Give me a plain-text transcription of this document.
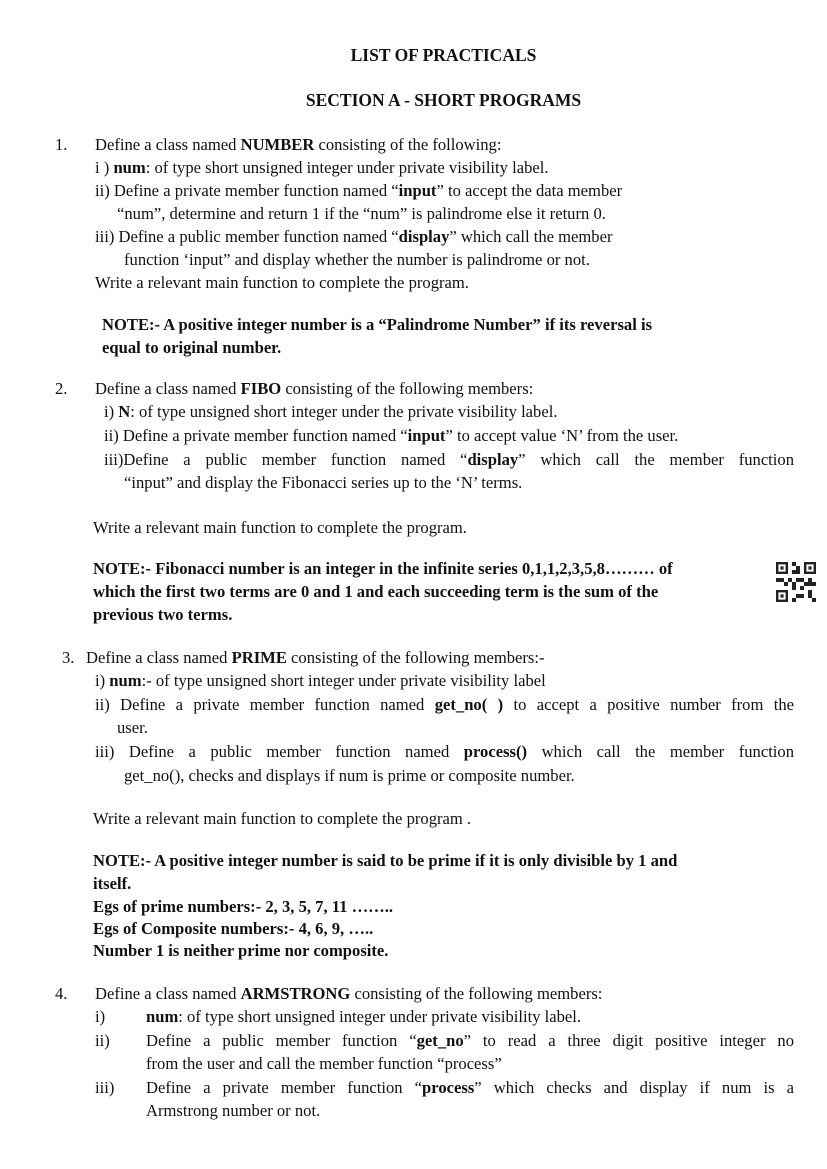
LIST OF PRACTICALS
SECTION A - SHORT PROGRAMS
1. Define a class named NUMBER consisting of the following:
i ) num: of type short unsigned integer under private visibility label.
ii) Define a private member function named “input” to accept the data member
“num”, determine and return 1 if the “num” is palindrome else it return 0.
iii) Define a public member function named “display” which call the member
function ‘input” and display whether the number is palindrome or not.
Write a relevant main function to complete the program.
NOTE:- A positive integer number is a “Palindrome Number” if its reversal is
equal to original number.
2. Define a class named FIBO consisting of the following members:
i) N: of type unsigned short integer under the private visibility label.
ii) Define a private member function named “input” to accept value ‘N’ from the user.
iii)Define a public member function named “display” which call the member function
“input” and display the Fibonacci series up to the ‘N’ terms.
Write a relevant main function to complete the program.
NOTE:- Fibonacci number is an integer in the infinite series 0,1,1,2,3,5,8……… of
which the first two terms are 0 and 1 and each succeeding term is the sum of the
previous two terms.
3. Define a class named PRIME consisting of the following members:-
i) num:- of type unsigned short integer under private visibility label
ii) Define a private member function named get_no( ) to accept a positive number from the
user.
iii) Define a public member function named process() which call the member function
get_no(), checks and displays if num is prime or composite number.
Write a relevant main function to complete the program .
NOTE:- A positive integer number is said to be prime if it is only divisible by 1 and
itself.
Egs of prime numbers:- 2, 3, 5, 7, 11 ……..
Egs of Composite numbers:- 4, 6, 9, …..
Number 1 is neither prime nor composite.
4. Define a class named ARMSTRONG consisting of the following members:
i) num: of type short unsigned integer under private visibility label.
ii) Define a public member function “get_no” to read a three digit positive integer no
from the user and call the member function “process”
iii) Define a private member function “process” which checks and display if num is a
Armstrong number or not.
